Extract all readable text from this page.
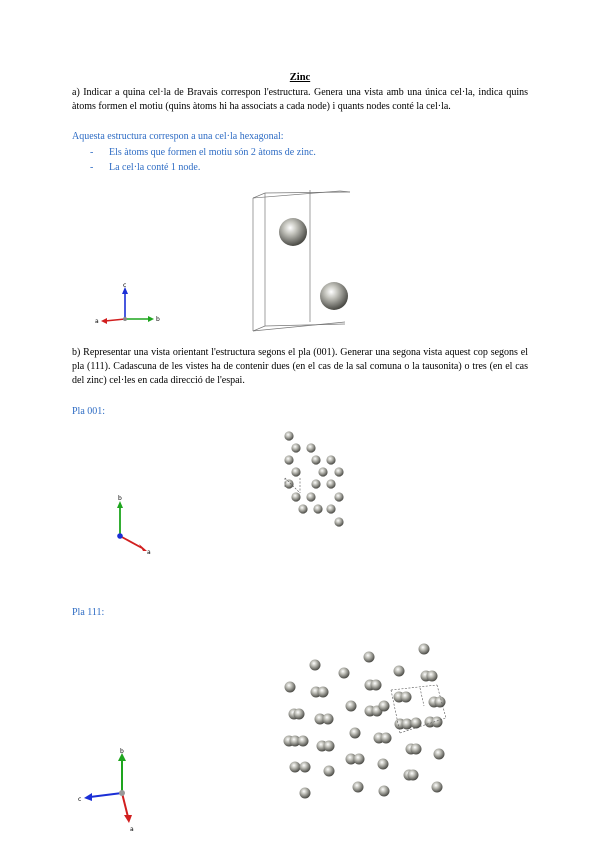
Zinc
a) Indicar a quina cel·la de Bravais correspon l'estructura. Genera una vista amb una única cel·la, indica quins àtoms formen el motiu (quins àtoms hi ha associats a cada node) i quants nodes conté la cel·la.
Aquesta estructura correspon a una cel·la hexagonal:
- Els àtoms que formen el motiu són 2 àtoms de zinc.
- La cel·la conté 1 node.
c
b
a
b) Representar una vista orientant l'estructura segons el pla (001). Generar una segona vista aquest cop segons el pla (111). Cadascuna de les vistes ha de contenir dues (en el cas de la sal comuna o la tausonita) o tres (en el cas del zinc) cel·les en cada direcció de l'espai.
Pla 001:
b
a
Pla 111:
b
c
a
